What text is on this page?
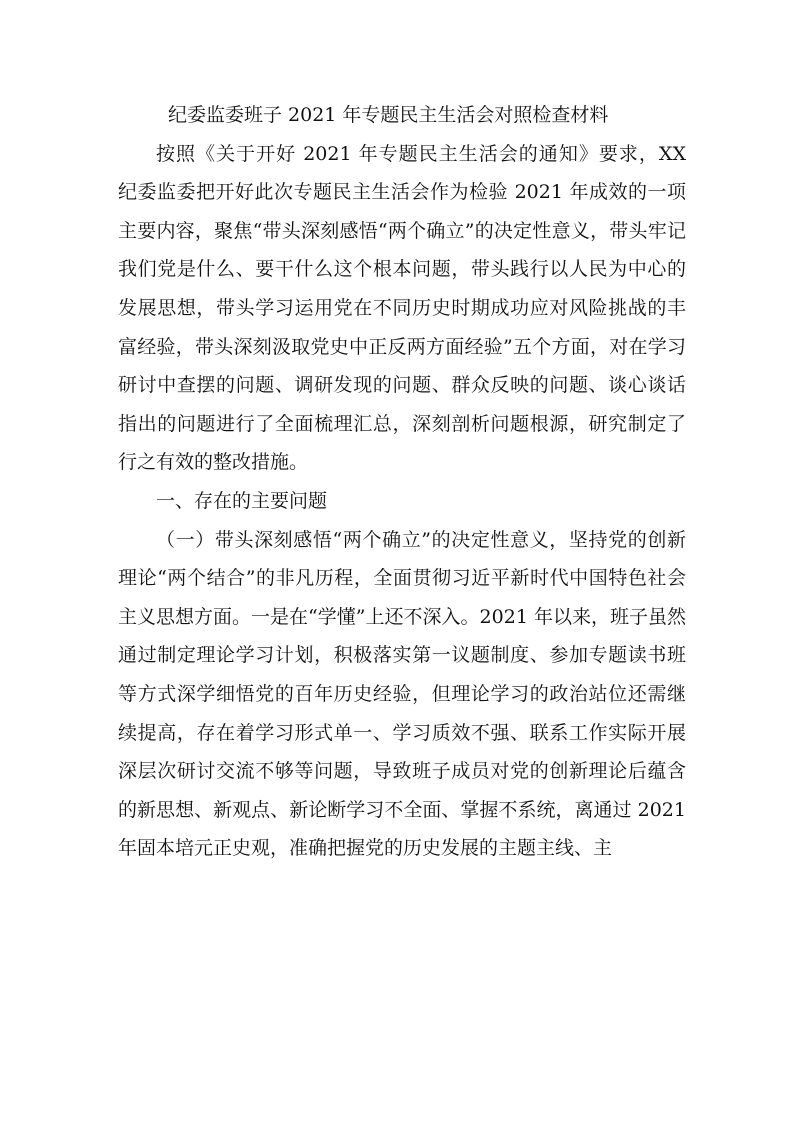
纪委监委班子 2021 年专题民主生活会对照检查材料

按照《关于开好 2021 年专题民主生活会的通知》要求，XX 纪委监委把开好此次专题民主生活会作为检验 2021 年成效的一项主要内容，聚焦“带头深刻感悟“两个确立”的决定性意义，带头牢记我们党是什么、要干什么这个根本问题，带头践行以人民为中心的发展思想，带头学习运用党在不同历史时期成功应对风险挑战的丰富经验，带头深刻汲取党史中正反两方面经验”五个方面，对在学习研讨中查摆的问题、调研发现的问题、群众反映的问题、谈心谈话指出的问题进行了全面梳理汇总，深刻剖析问题根源，研究制定了行之有效的整改措施。

一、存在的主要问题

（一）带头深刻感悟“两个确立”的决定性意义，坚持党的创新理论“两个结合”的非凡历程，全面贯彻习近平新时代中国特色社会主义思想方面。一是在“学懂”上还不深入。2021 年以来，班子虽然通过制定理论学习计划，积极落实第一议题制度、参加专题读书班等方式深学细悟党的百年历史经验，但理论学习的政治站位还需继续提高，存在着学习形式单一、学习质效不强、联系工作实际开展深层次研讨交流不够等问题，导致班子成员对党的创新理论后蕴含的新思想、新观点、新论断学习不全面、掌握不系统，离通过 2021 年固本培元正史观，准确把握党的历史发展的主题主线、主
